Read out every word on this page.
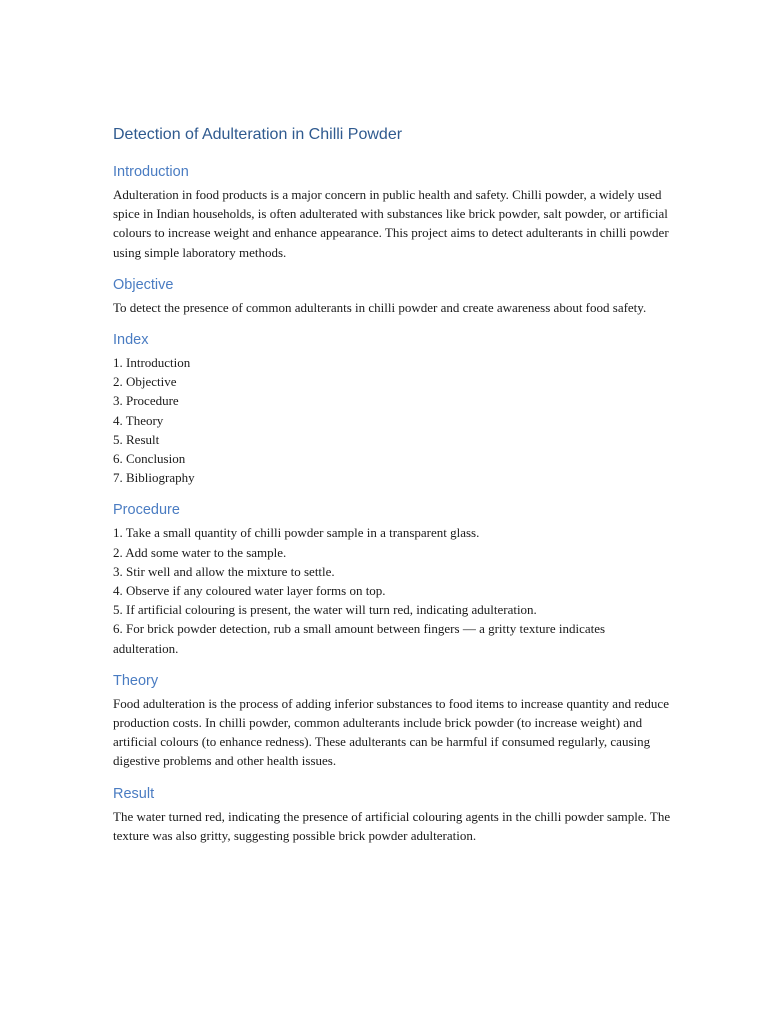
Detection of Adulteration in Chilli Powder
Introduction

Adulteration in food products is a major concern in public health and safety. Chilli powder, a widely used spice in Indian households, is often adulterated with substances like brick powder, salt powder, or artificial colours to increase weight and enhance appearance. This project aims to detect adulterants in chilli powder using simple laboratory methods.

Objective

To detect the presence of common adulterants in chilli powder and create awareness about food safety.

Index
1. Introduction
2. Objective
3. Procedure
4. Theory
5. Result
6. Conclusion
7. Bibliography
Procedure
1. Take a small quantity of chilli powder sample in a transparent glass.
2. Add some water to the sample.
3. Stir well and allow the mixture to settle.
4. Observe if any coloured water layer forms on top.
5. If artificial colouring is present, the water will turn red, indicating adulteration.
6. For brick powder detection, rub a small amount between fingers — a gritty texture indicates adulteration.
Theory

Food adulteration is the process of adding inferior substances to food items to increase quantity and reduce production costs. In chilli powder, common adulterants include brick powder (to increase weight) and artificial colours (to enhance redness). These adulterants can be harmful if consumed regularly, causing digestive problems and other health issues.

Result

The water turned red, indicating the presence of artificial colouring agents in the chilli powder sample. The texture was also gritty, suggesting possible brick powder adulteration.
